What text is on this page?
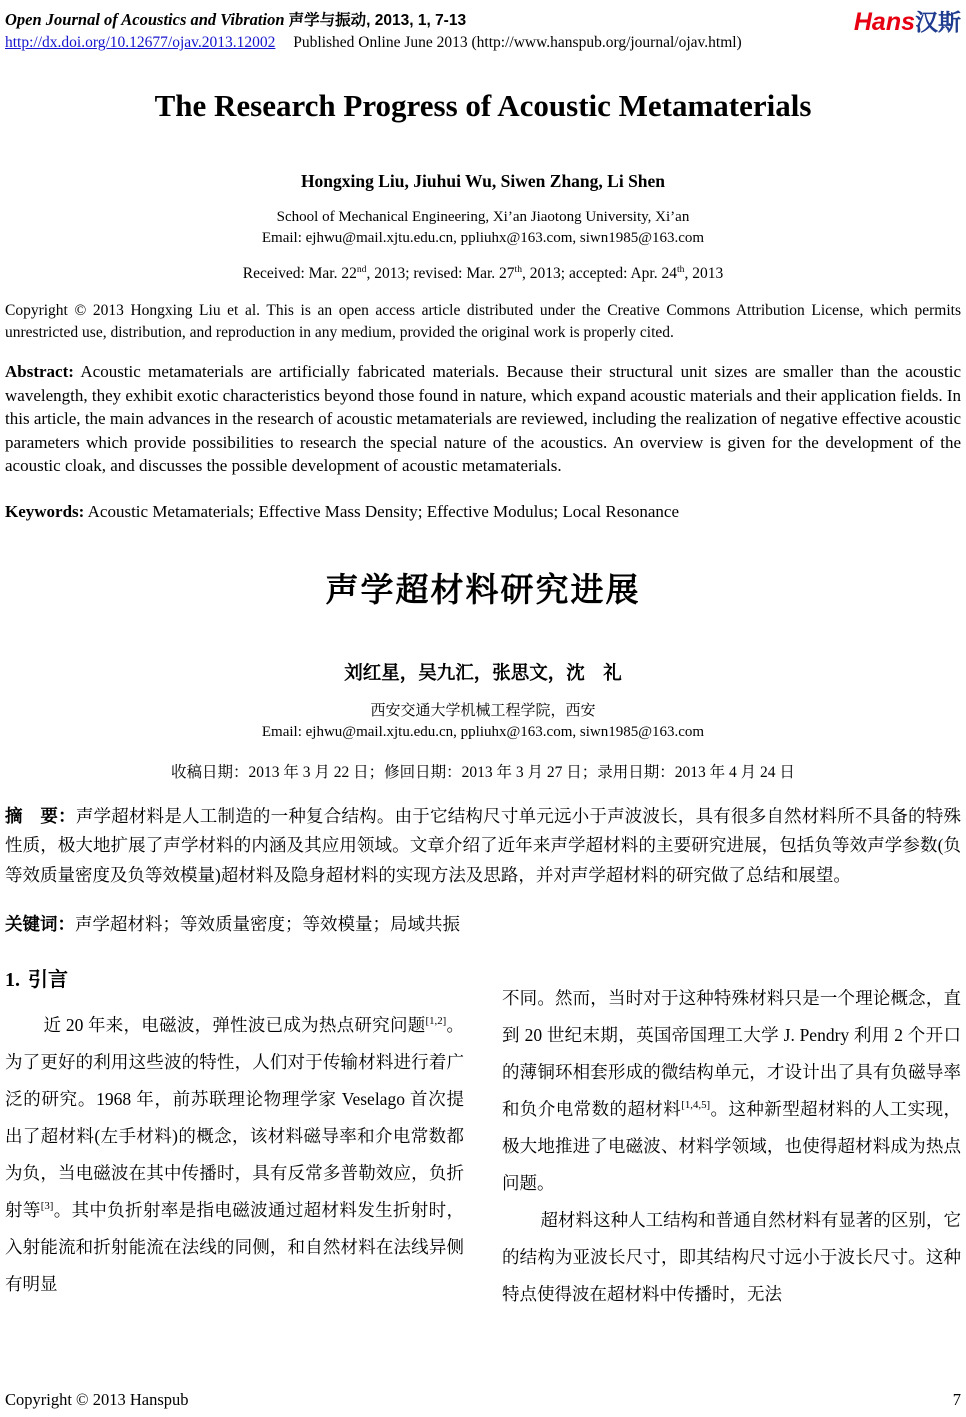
Open Journal of Acoustics and Vibration 声学与振动, 2013, 1, 7-13
http://dx.doi.org/10.12677/ojav.2013.12002 Published Online June 2013 (http://www.hanspub.org/journal/ojav.html)
Hans汉斯
The Research Progress of Acoustic Metamaterials
Hongxing Liu, Jiuhui Wu, Siwen Zhang, Li Shen
School of Mechanical Engineering, Xi’an Jiaotong University, Xi’an
Email: ejhwu@mail.xjtu.edu.cn, ppliuhx@163.com, siwn1985@163.com
Received: Mar. 22nd, 2013; revised: Mar. 27th, 2013; accepted: Apr. 24th, 2013
Copyright © 2013 Hongxing Liu et al. This is an open access article distributed under the Creative Commons Attribution License, which permits unrestricted use, distribution, and reproduction in any medium, provided the original work is properly cited.
Abstract: Acoustic metamaterials are artificially fabricated materials. Because their structural unit sizes are smaller than the acoustic wavelength, they exhibit exotic characteristics beyond those found in nature, which expand acoustic materials and their application fields. In this article, the main advances in the research of acoustic metamaterials are reviewed, including the realization of negative effective acoustic parameters which provide possibilities to research the special nature of the acoustics. An overview is given for the development of the acoustic cloak, and discusses the possible development of acoustic metamaterials.
Keywords: Acoustic Metamaterials; Effective Mass Density; Effective Modulus; Local Resonance
声学超材料研究进展
刘红星，吴九汇，张思文，沈　礼
西安交通大学机械工程学院，西安
Email: ejhwu@mail.xjtu.edu.cn, ppliuhx@163.com, siwn1985@163.com
收稿日期：2013 年 3 月 22 日；修回日期：2013 年 3 月 27 日；录用日期：2013 年 4 月 24 日
摘　要：声学超材料是人工制造的一种复合结构。由于它结构尺寸单元远小于声波波长，具有很多自然材料所不具备的特殊性质，极大地扩展了声学材料的内涵及其应用领域。文章介绍了近年来声学超材料的主要研究进展，包括负等效声学参数(负等效质量密度及负等效模量)超材料及隐身超材料的实现方法及思路，并对声学超材料的研究做了总结和展望。
关键词：声学超材料；等效质量密度；等效模量；局域共振
1. 引言

近 20 年来，电磁波，弹性波已成为热点研究问题[1,2]。为了更好的利用这些波的特性，人们对于传输材料进行着广泛的研究。1968 年，前苏联理论物理学家 Veselago 首次提出了超材料(左手材料)的概念，该材料磁导率和介电常数都为负，当电磁波在其中传播时，具有反常多普勒效应，负折射等[3]。其中负折射率是指电磁波通过超材料发生折射时，入射能流和折射能流在法线的同侧，和自然材料在法线异侧有明显

不同。然而，当时对于这种特殊材料只是一个理论概念，直到 20 世纪末期，英国帝国理工大学 J. Pendry 利用 2 个开口的薄铜环相套形成的微结构单元，才设计出了具有负磁导率和负介电常数的超材料[1,4,5]。这种新型超材料的人工实现，极大地推进了电磁波、材料学领域，也使得超材料成为热点问题。

超材料这种人工结构和普通自然材料有显著的区别，它的结构为亚波长尺寸，即其结构尺寸远小于波长尺寸。这种特点使得波在超材料中传播时，无法

Copyright © 2013 Hanspub	7
